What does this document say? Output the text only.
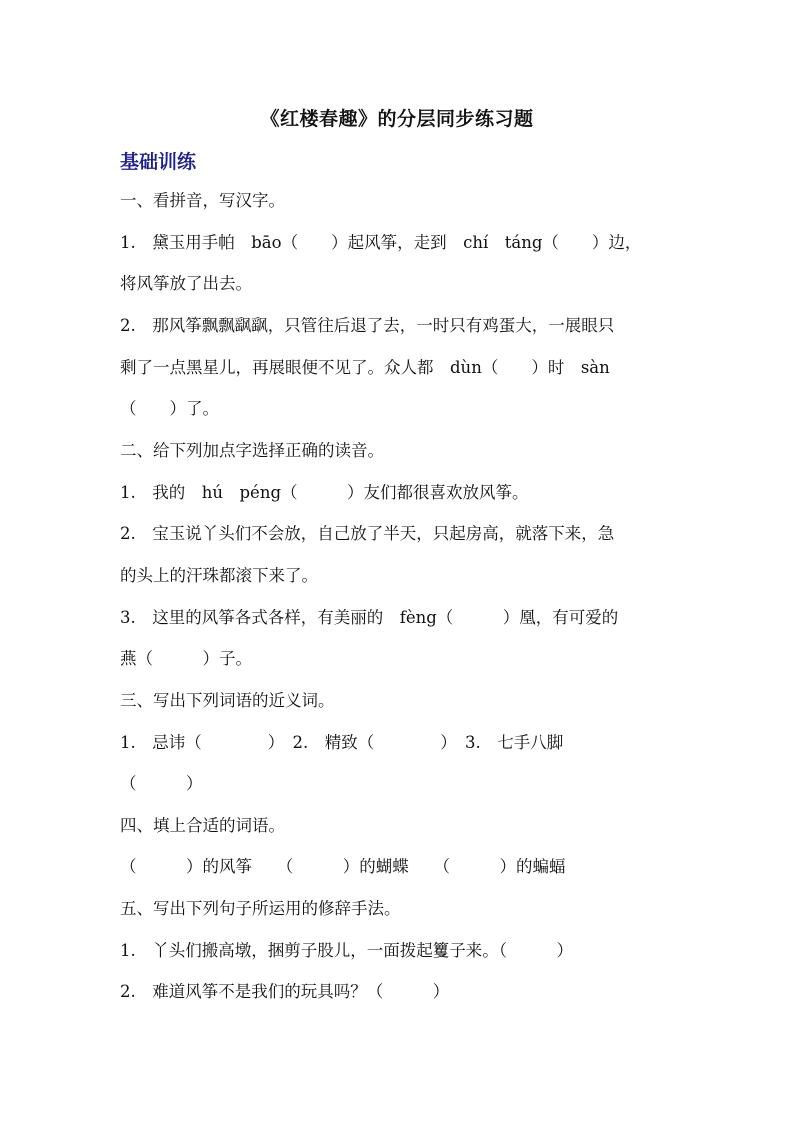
《红楼春趣》的分层同步练习题
基础训练
一、看拼音，写汉字。
1.　黛玉用手帕　bāo（　　）起风筝，走到　chí　táng（　　）边，
将风筝放了出去。
2.　那风筝飘飘飖飖，只管往后退了去，一时只有鸡蛋大，一展眼只
剩了一点黑星儿，再展眼便不见了。众人都　dùn（　　）时　sàn
（　　）了。
二、给下列加点字选择正确的读音。
1.　我的　hú　péng（　　　）友们都很喜欢放风筝。
2.　宝玉说丫头们不会放，自己放了半天，只起房高，就落下来，急
的头上的汗珠都滚下来了。
3.　这里的风筝各式各样，有美丽的　fèng（　　　）凰，有可爱的
燕（　　　）子。
三、写出下列词语的近义词。
1.　忌讳（　　　　）　2.　精致（　　　　）　3.　七手八脚
（　　　）
四、填上合适的词语。
（　　　）的风筝　　（　　　）的蝴蝶　　（　　　）的蝙蝠
五、写出下列句子所运用的修辞手法。
1.　丫头们搬高墩，捆剪子股儿，一面拨起籰子来。（　　　）
2.　难道风筝不是我们的玩具吗？（　　　）
